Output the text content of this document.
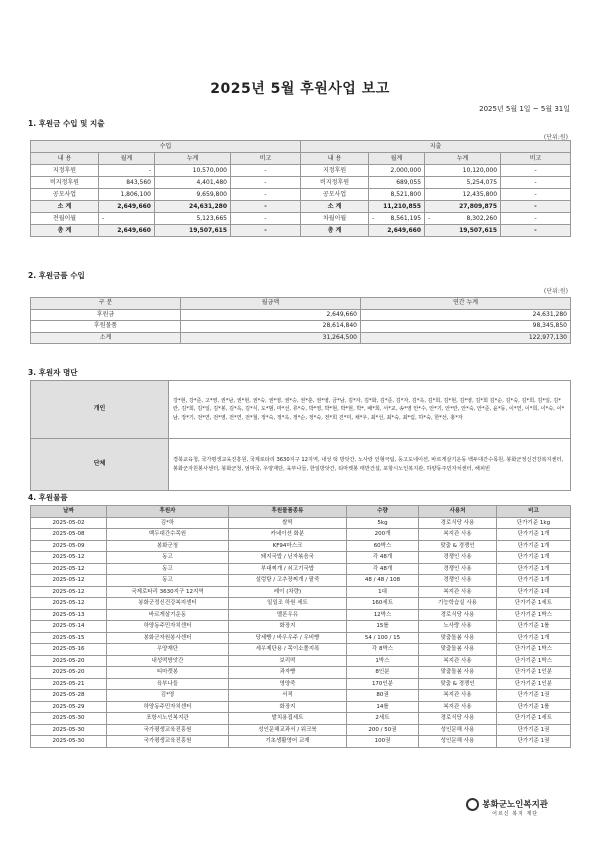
2025년 5월 후원사업 보고
2025년 5월 1일 ~ 5월 31일
1. 후원금 수입 및 지출
(단위:원)
수입				지출			
내 용	월계	누계	비고	내 용	월계	누계	비고
지정후원	-	10,570,000	-	지정후원	2,000,000	10,120,000	-
비지정후원	843,560	4,401,480	-	비지정후원	689,055	5,254,075	-
공모사업	1,806,100	9,659,800	-	공모사업	8,521,800	12,435,800	-
소 계	2,649,660	24,631,280	-	소 계	11,210,855	27,809,875	-
전월이월	-	5,123,665	-	차월이월	- 8,561,195	- 8,302,260	-
총 계	2,649,660	19,507,615	-	총 계	2,649,660	19,507,615	-
2. 후원금품 수입
(단위:원)
구 분	월금액	연간 누계
후원금	2,649,660	24,631,280
후원물품	28,614,840	98,345,850
소계	31,264,500	122,977,130
3. 후원자 명단
개인	강*현, 강*준, 고*영, 권*남, 권*현, 권*숙, 권*영, 권*승, 권*훈, 권*영, 금*남, 김*자, 김*화, 김*준, 김*자, 김*옥, 김*희, 김*현, 김*영, 김*희 김*순, 김*숙, 김*희, 김*일, 김*란, 김*희, 김*일, 김*봉, 김*옥, 김*식, 도*범, 마*선, 류*숙, 박*영, 박*현, 박*현, 박*, 배*희, 서*교, 송*영 안*수, 안*기, 안*란, 안*숙, 안*준, 윤*동, 이*연, 이*희, 이*숙, 이*남, 장*기, 전*연, 전*영, 전*연, 전*철, 정*숙, 정*옥, 정*순, 정*숙, 전*희 진*미, 채*우, 최*선, 최*숙, 최*림, 하*숙, 한*선, 홍*자
단체	경북교육청, 국가평생교육진흥원, 국제로타리 3630지구 12지역, 내성 떡 방앗간, 노사랑 인형극팀, 동고도네이션, 바르게살기운동 백두대간수목원, 봉화군정신건강복지센터, 봉화군자원봉사센터, 봉화군청, 엄막국, 우양재단, 육부나들, 한일방앗간, 티마켓봉 태반건설, 포항시노인복지관, 하양동주민자치센터, 해피빈
4. 후원물품
날짜	후원자	후원물품종류	수량	사용처	비고
2025-05-02	김*하	쌀떡	5kg	경로식당 사용	단가기준 1kg
2025-05-08	백두대간수목원	카네이션 화분	200개	복지관 사용	단가기준 1개
2025-05-09	봉화군청	KF94마스크	60박스	맞춤 & 경쟁인	단가기준 1개
2025-05-12	동고	돼지국밥 / 닌자볶음국	각 48개	경쟁인 사용	단가기준 1개
2025-05-12	동고	부대찌개 / 쇠고기국밥	각 48개	경쟁인 사용	단가기준 1개
2025-05-12	동고	설렁탕 / 고추장찌개 / 팥죽	48 / 48 / 108	경쟁인 사용	단가기준 1개
2025-05-12	국제로타리 3630지구 12지역	레이 (차량)	1대	복지관 사용	단가기준 1대
2025-05-12	봉화군정신건강복지센터	일일조 하원 세트	160세트	기능학습실 사용	단가기준 1세트
2025-05-13	바르게살기운동	멜론우유	12박스	경로식당 사용	단가기준 1박스
2025-05-14	하양동주민자치센터	화장지	15롤	노사랑 사용	단가기준 1롤
2025-05-15	봉화군자원봉사센터	당세빵 / 바우우주 / 우비빵	54 / 100 / 15	맞춤돌봄 사용	단가기준 1개
2025-05-16	우양재단	세우제단용 / 목이소폴지폭	각 8박스	맞춤돌봄 사용	단가기준 1박스
2025-05-20	내성떡방앗간	보리떡	1박스	복지관 사용	단가기준 1박스
2025-05-20	티마켓봉	과자빵	8인분	맞춤돌봄 사용	단가기준 1인분
2025-05-21	육부나들	영양죽	170인분	맞춤 & 경쟁인	단가기준 1인분
2025-05-28	김*영	서적	80권	복지관 사용	단가기준 1권
2025-05-29	하양동주민자치센터	화장지	14롤	복지관 사용	단가기준 1롤
2025-05-30	포항시노인복지관	발치용접세트	2세트	경로식당 사용	단가기준 1세트
2025-05-30	국가평생교육진흥원	성인문해교과서 / 워크북	200 / 50권	성인문해 사용	단가기준 1권
2025-05-30	국가평생교육진흥원	기초생활영어 교재	100권	성인문해 사용	단가기준 1권
봉화군노인복지관
어르신 복지 재단
